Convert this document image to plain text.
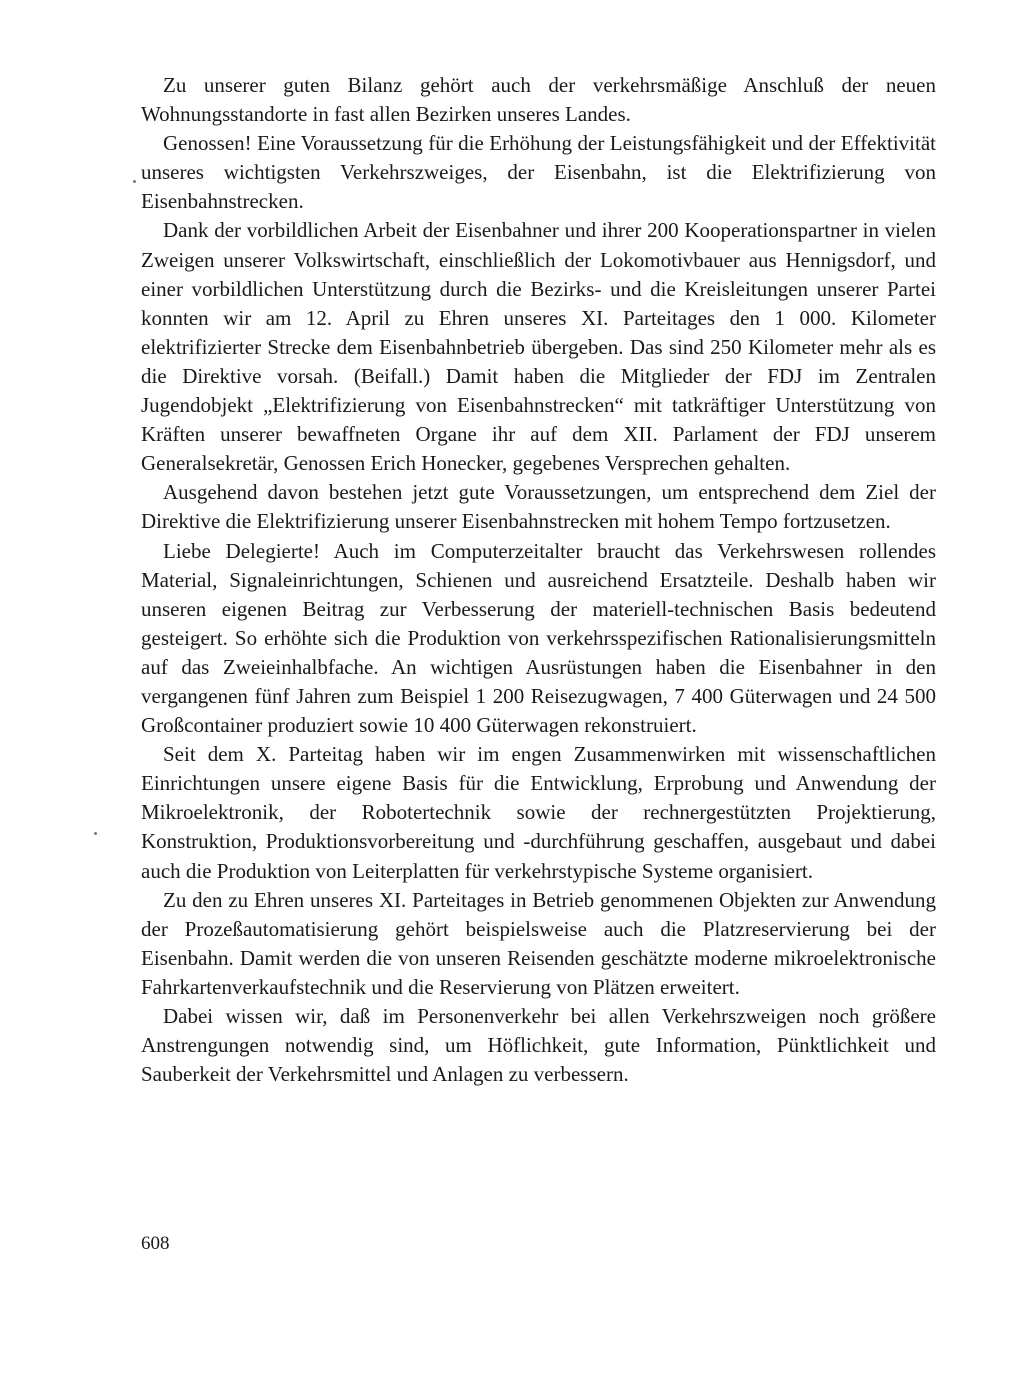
Zu unserer guten Bilanz gehört auch der verkehrsmäßige Anschluß der neuen Wohnungsstandorte in fast allen Bezirken unseres Landes.

Genossen! Eine Voraussetzung für die Erhöhung der Leistungsfähigkeit und der Effektivität unseres wichtigsten Verkehrszweiges, der Eisenbahn, ist die Elektrifizierung von Eisenbahnstrecken.

Dank der vorbildlichen Arbeit der Eisenbahner und ihrer 200 Kooperationspartner in vielen Zweigen unserer Volkswirtschaft, einschließlich der Lokomotivbauer aus Hennigsdorf, und einer vorbildlichen Unterstützung durch die Bezirks- und die Kreisleitungen unserer Partei konnten wir am 12. April zu Ehren unseres XI. Parteitages den 1 000. Kilometer elektrifizierter Strecke dem Eisenbahnbetrieb übergeben. Das sind 250 Kilometer mehr als es die Direktive vorsah. (Beifall.) Damit haben die Mitglieder der FDJ im Zentralen Jugendobjekt „Elektrifizierung von Eisenbahnstrecken“ mit tatkräftiger Unterstützung von Kräften unserer bewaffneten Organe ihr auf dem XII. Parlament der FDJ unserem Generalsekretär, Genossen Erich Honecker, gegebenes Versprechen gehalten.

Ausgehend davon bestehen jetzt gute Voraussetzungen, um entsprechend dem Ziel der Direktive die Elektrifizierung unserer Eisenbahnstrecken mit hohem Tempo fortzusetzen.

Liebe Delegierte! Auch im Computerzeitalter braucht das Verkehrswesen rollendes Material, Signaleinrichtungen, Schienen und ausreichend Ersatzteile. Deshalb haben wir unseren eigenen Beitrag zur Verbesserung der materiell-technischen Basis bedeutend gesteigert. So erhöhte sich die Produktion von verkehrsspezifischen Rationalisierungsmitteln auf das Zweieinhalbfache. An wichtigen Ausrüstungen haben die Eisenbahner in den vergangenen fünf Jahren zum Beispiel 1 200 Reisezugwagen, 7 400 Güterwagen und 24 500 Großcontainer produziert sowie 10 400 Güterwagen rekonstruiert.

Seit dem X. Parteitag haben wir im engen Zusammenwirken mit wissenschaftlichen Einrichtungen unsere eigene Basis für die Entwicklung, Erprobung und Anwendung der Mikroelektronik, der Robotertechnik sowie der rechnergestützten Projektierung, Konstruktion, Produktionsvorbereitung und -durchführung geschaffen, ausgebaut und dabei auch die Produktion von Leiterplatten für verkehrstypische Systeme organisiert.

Zu den zu Ehren unseres XI. Parteitages in Betrieb genommenen Objekten zur Anwendung der Prozeßautomatisierung gehört beispielsweise auch die Platzreservierung bei der Eisenbahn. Damit werden die von unseren Reisenden geschätzte moderne mikroelektronische Fahrkartenverkaufstechnik und die Reservierung von Plätzen erweitert.

Dabei wissen wir, daß im Personenverkehr bei allen Verkehrszweigen noch größere Anstrengungen notwendig sind, um Höflichkeit, gute Information, Pünktlichkeit und Sauberkeit der Verkehrsmittel und Anlagen zu verbessern.

608
